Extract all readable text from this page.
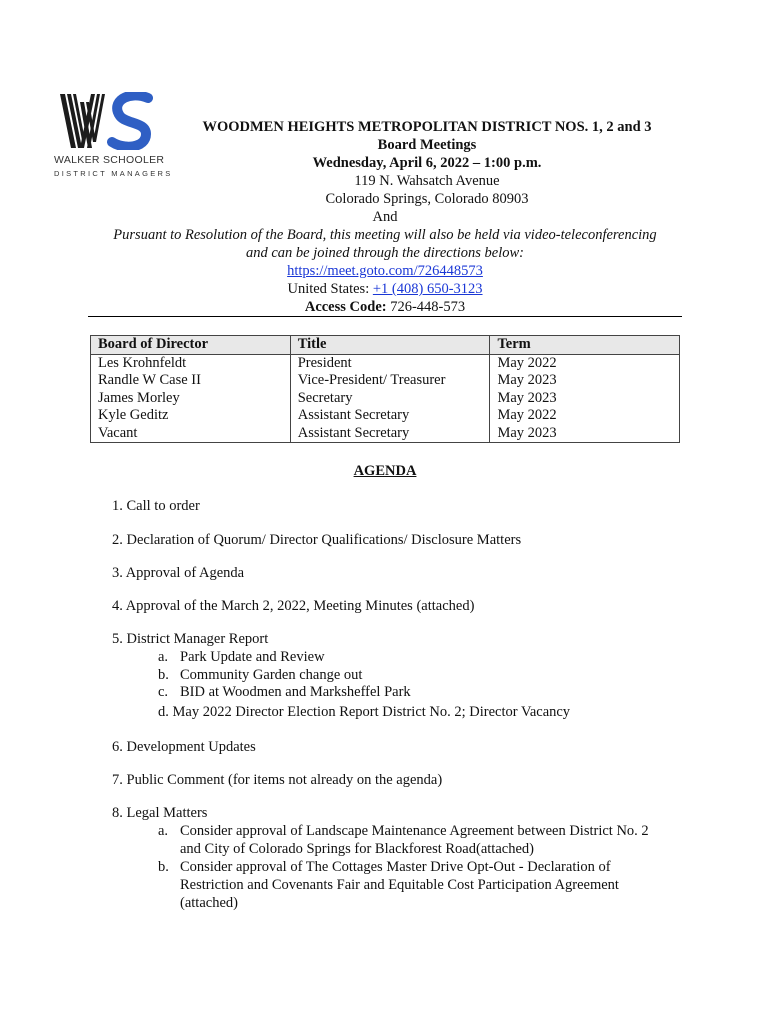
WALKER SCHOOLER
DISTRICT MANAGERS
WOODMEN HEIGHTS METROPOLITAN DISTRICT NOS. 1, 2 and 3
Board Meetings
Wednesday, April 6, 2022 – 1:00 p.m.
119 N. Wahsatch Avenue
Colorado Springs, Colorado 80903
And
Pursuant to Resolution of the Board, this meeting will also be held via video-teleconferencing
and can be joined through the directions below:
https://meet.goto.com/726448573
United States: +1 (408) 650-3123
Access Code: 726-448-573
Board of Director	Title	Term
Les Krohnfeldt	President	May 2022
Randle W Case II	Vice-President/ Treasurer	May 2023
James Morley	Secretary	May 2023
Kyle Geditz	Assistant Secretary	May 2022
Vacant	Assistant Secretary	May 2023
AGENDA
1. Call to order
2. Declaration of Quorum/ Director Qualifications/ Disclosure Matters
3. Approval of Agenda
4. Approval of the March 2, 2022, Meeting Minutes (attached)
5. District Manager Report
a. Park Update and Review
b. Community Garden change out
c. BID at Woodmen and Marksheffel Park
d. May 2022 Director Election Report District No. 2; Director Vacancy
6. Development Updates
7. Public Comment (for items not already on the agenda)
8. Legal Matters
a. Consider approval of Landscape Maintenance Agreement between District No. 2
and City of Colorado Springs for Blackforest Road(attached)
b. Consider approval of The Cottages Master Drive Opt-Out - Declaration of
Restriction and Covenants Fair and Equitable Cost Participation Agreement
(attached)
